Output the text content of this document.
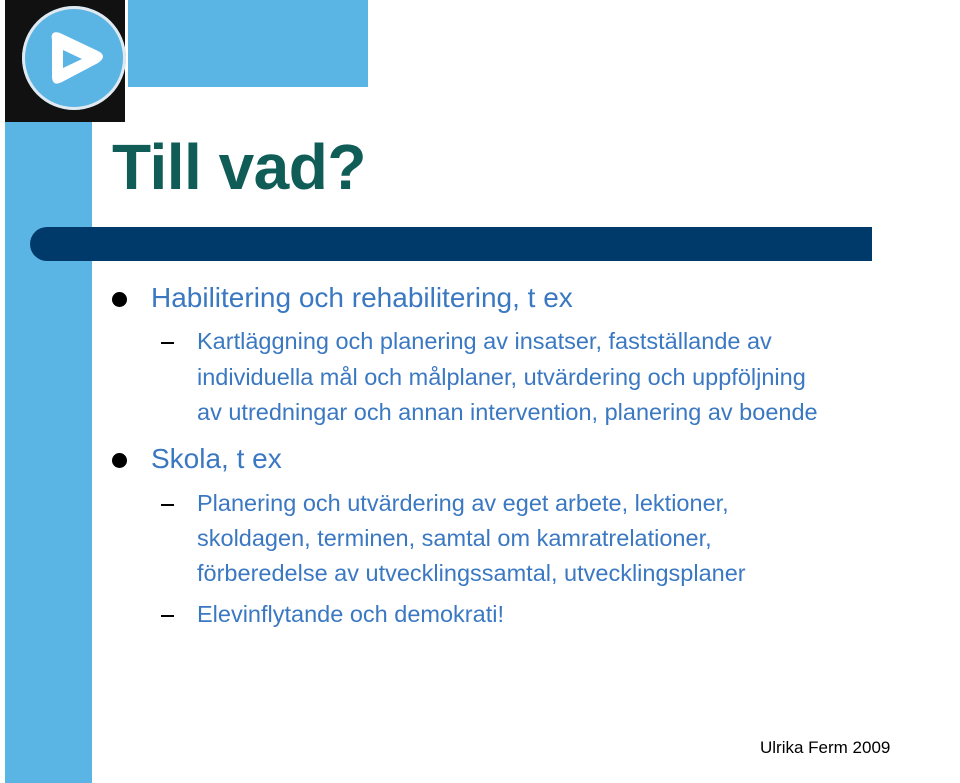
Till vad?
Habilitering och rehabilitering, t ex
Kartläggning och planering av insatser, fastställande av
individuella mål och målplaner, utvärdering och uppföljning
av utredningar och annan intervention, planering av boende
Skola, t ex
Planering och utvärdering av eget arbete, lektioner,
skoldagen, terminen, samtal om kamratrelationer,
förberedelse av utvecklingssamtal, utvecklingsplaner
Elevinflytande och demokrati!
Ulrika Ferm 2009
